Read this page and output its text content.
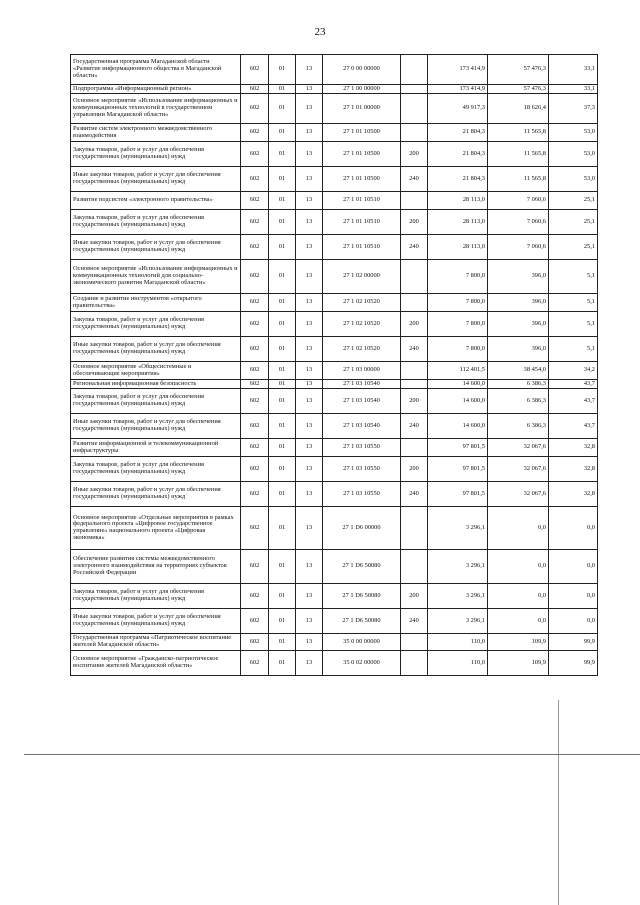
23
Государственная программа Магаданской области «Развитие информационного общества в Магаданской области»	602	01	13	27 0 00 00000		173 414,9	57 476,3	33,1
Подпрограмма «Информационный регион»	602	01	13	27 1 00 00000		173 414,9	57 476,3	33,1
Основное мероприятие «Использование информационных и коммуникационных технологий в государственном управлении Магаданской области»	602	01	13	27 1 01 00000		49 917,3	18 626,4	37,3
Развитие систем электронного межведомственного взаимодействия	602	01	13	27 1 01 10500		21 804,3	11 565,8	53,0
Закупка товаров, работ и услуг для обеспечения государственных (муниципальных) нужд	602	01	13	27 1 01 10500	200	21 804,3	11 565,8	53,0
Иные закупки товаров, работ и услуг для обеспечения государственных (муниципальных) нужд	602	01	13	27 1 01 10500	240	21 804,3	11 565,8	53,0
Развитие подсистем «электронного правительства»	602	01	13	27 1 01 10510		28 113,0	7 060,6	25,1
Закупка товаров, работ и услуг для обеспечения государственных (муниципальных) нужд	602	01	13	27 1 01 10510	200	28 113,0	7 060,6	25,1
Иные закупки товаров, работ и услуг для обеспечения государственных (муниципальных) нужд	602	01	13	27 1 01 10510	240	28 113,0	7 060,6	25,1
Основное мероприятие «Использование информационных и коммуникационных технологий для социально-экономического развития Магаданской области»	602	01	13	27 1 02 00000		7 800,0	396,0	5,1
Создание и развитие инструментов «открытого правительства»	602	01	13	27 1 02 10520		7 800,0	396,0	5,1
Закупка товаров, работ и услуг для обеспечения государственных (муниципальных) нужд	602	01	13	27 1 02 10520	200	7 800,0	396,0	5,1
Иные закупки товаров, работ и услуг для обеспечения государственных (муниципальных) нужд	602	01	13	27 1 02 10520	240	7 800,0	396,0	5,1
Основное мероприятие «Общесистемные и обеспечивающие мероприятия»	602	01	13	27 1 03 00000		112 401,5	38 454,0	34,2
Региональная информационная безопасность	602	01	13	27 1 03 10540		14 600,0	6 386,3	43,7
Закупка товаров, работ и услуг для обеспечения государственных (муниципальных) нужд	602	01	13	27 1 03 10540	200	14 600,0	6 386,3	43,7
Иные закупки товаров, работ и услуг для обеспечения государственных (муниципальных) нужд	602	01	13	27 1 03 10540	240	14 600,0	6 386,3	43,7
Развитие информационной и телекоммуникационной инфраструктуры	602	01	13	27 1 03 10550		97 801,5	32 067,6	32,8
Закупка товаров, работ и услуг для обеспечения государственных (муниципальных) нужд	602	01	13	27 1 03 10550	200	97 801,5	32 067,6	32,8
Иные закупки товаров, работ и услуг для обеспечения государственных (муниципальных) нужд	602	01	13	27 1 03 10550	240	97 801,5	32 067,6	32,8
Основное мероприятие «Отдельные мероприятия в рамках федерального проекта «Цифровое государственное управление» национального проекта «Цифровая экономика»	602	01	13	27 1 D6 00000		3 296,1	0,0	0,0
Обеспечение развития системы межведомственного электронного взаимодействия на территориях субъектов Российской Федерации	602	01	13	27 1 D6 50080		3 296,1	0,0	0,0
Закупка товаров, работ и услуг для обеспечения государственных (муниципальных) нужд	602	01	13	27 1 D6 50080	200	3 296,1	0,0	0,0
Иные закупки товаров, работ и услуг для обеспечения государственных (муниципальных) нужд	602	01	13	27 1 D6 50080	240	3 296,1	0,0	0,0
Государственная программа «Патриотическое воспитание жителей Магаданской области»	602	01	13	35 0 00 00000		110,0	109,9	99,9
Основное мероприятие «Гражданско-патриотическое воспитание жителей Магаданской области»	602	01	13	35 0 02 00000		110,0	109,9	99,9
